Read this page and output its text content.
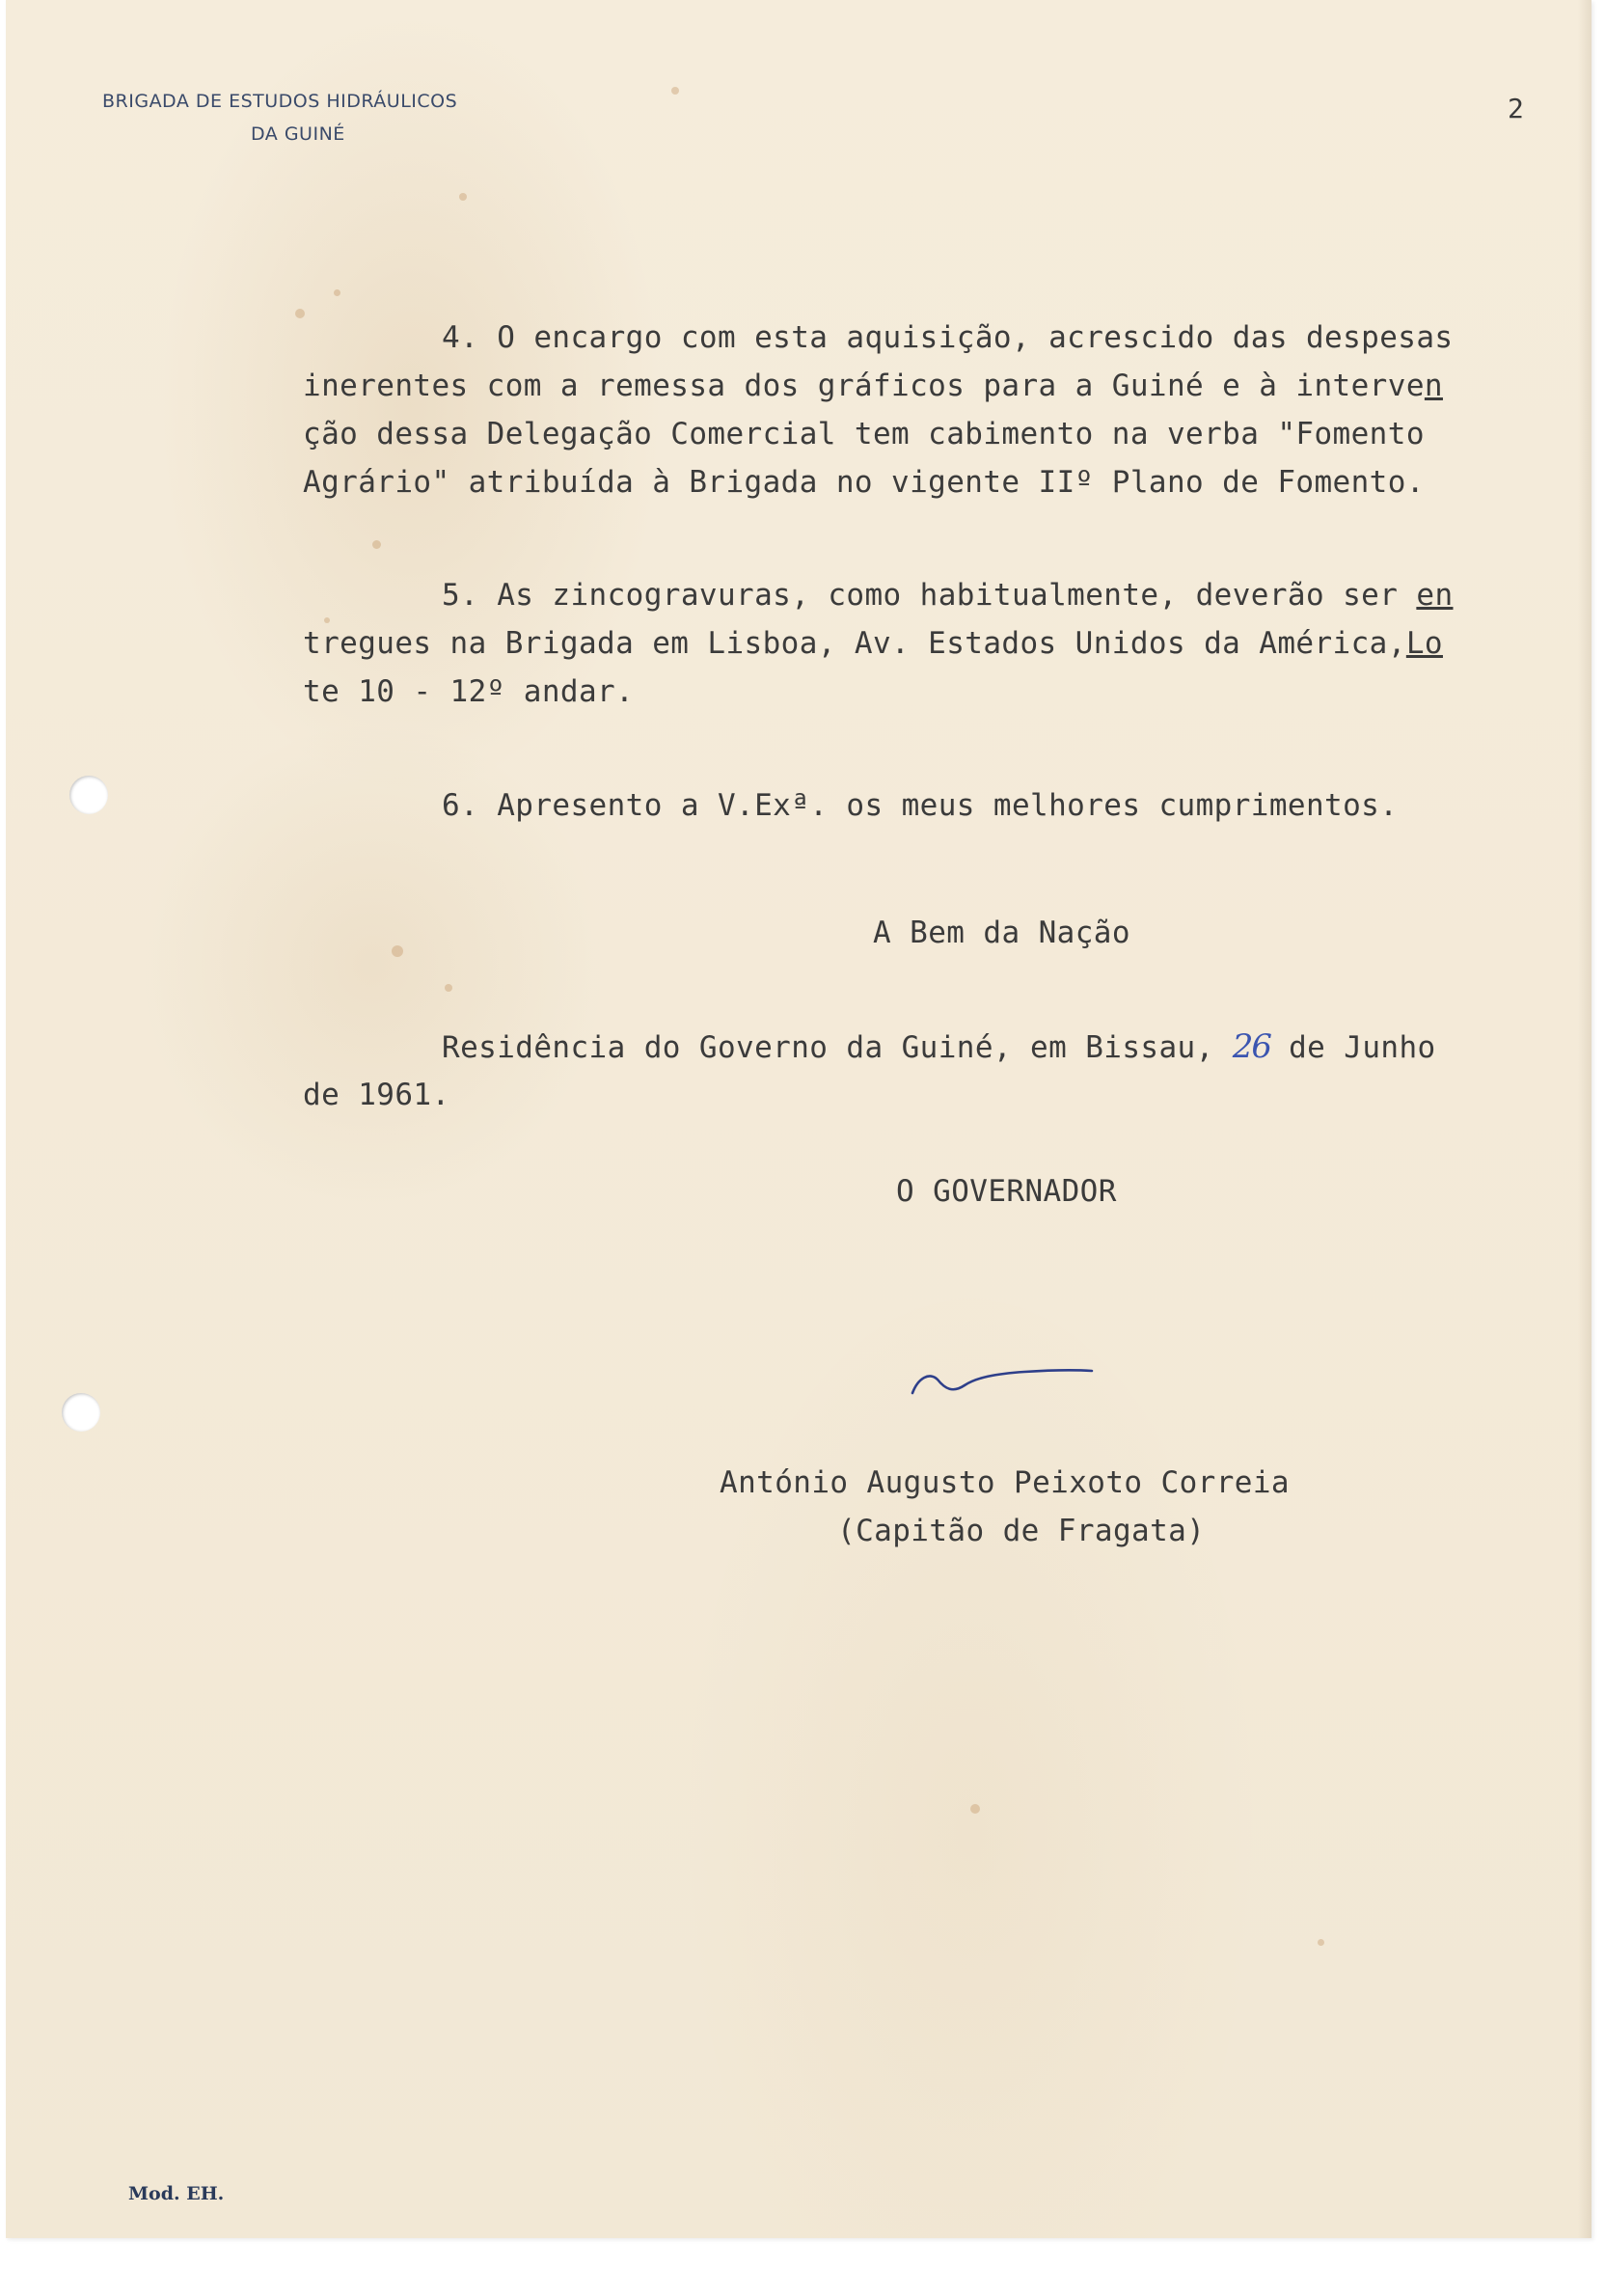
BRIGADA DE ESTUDOS HIDRÁULICOS
DA GUINÉ
2
4. O encargo com esta aquisição, acrescido das despesas
inerentes com a remessa dos gráficos para a Guiné e à interven
ção dessa Delegação Comercial tem cabimento na verba "Fomento
Agrário" atribuída à Brigada no vigente IIº Plano de Fomento.
5. As zincogravuras, como habitualmente, deverão ser en
tregues na Brigada em Lisboa, Av. Estados Unidos da América,Lo
te 10 - 12º andar.
6. Apresento a V.Exª. os meus melhores cumprimentos.
A Bem da Nação
Residência do Governo da Guiné, em Bissau, 26 de Junho
de 1961.
O GOVERNADOR
António Augusto Peixoto Correia
(Capitão de Fragata)
Mod. EH.
